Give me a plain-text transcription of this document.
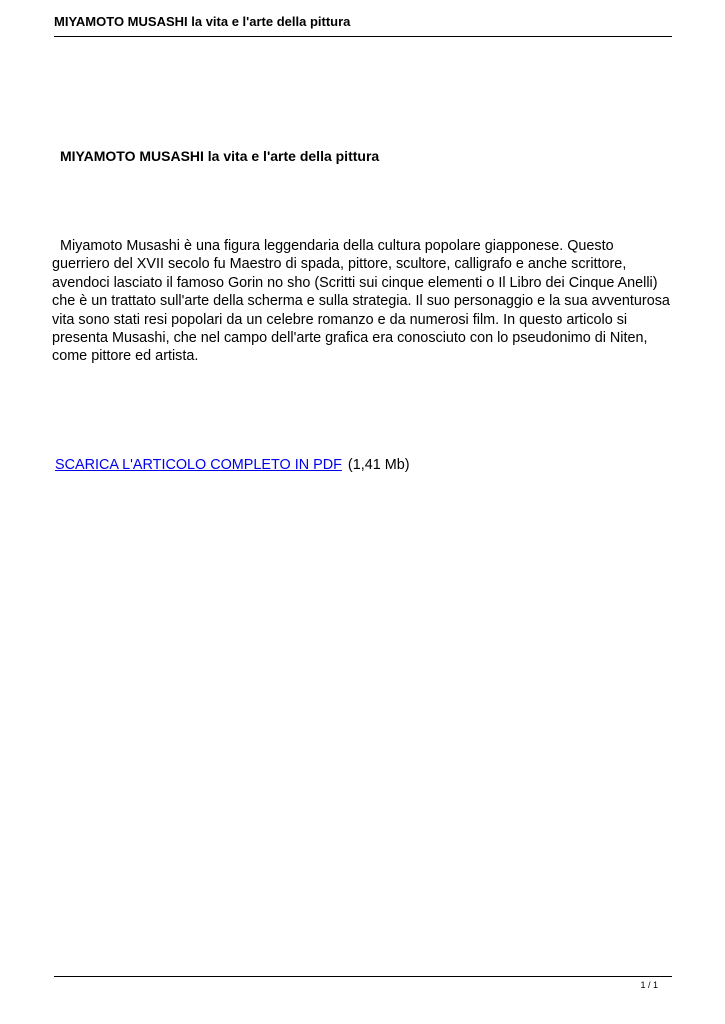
MIYAMOTO MUSASHI la vita e l'arte della pittura
MIYAMOTO MUSASHI la vita e l'arte della pittura

Miyamoto Musashi è una figura leggendaria della cultura popolare giapponese. Questo guerriero del XVII secolo fu Maestro di spada, pittore, scultore, calligrafo e anche scrittore, avendoci lasciato il famoso Gorin no sho (Scritti sui cinque elementi o Il Libro dei Cinque Anelli) che è un trattato sull'arte della scherma e sulla strategia. Il suo personaggio e la sua avventurosa vita sono stati resi popolari da un celebre romanzo e da numerosi film. In questo articolo si presenta Musashi, che nel campo dell'arte grafica era conosciuto con lo pseudonimo di Niten, come pittore ed artista.

SCARICA L'ARTICOLO COMPLETO IN PDF (1,41 Mb)
1 / 1
